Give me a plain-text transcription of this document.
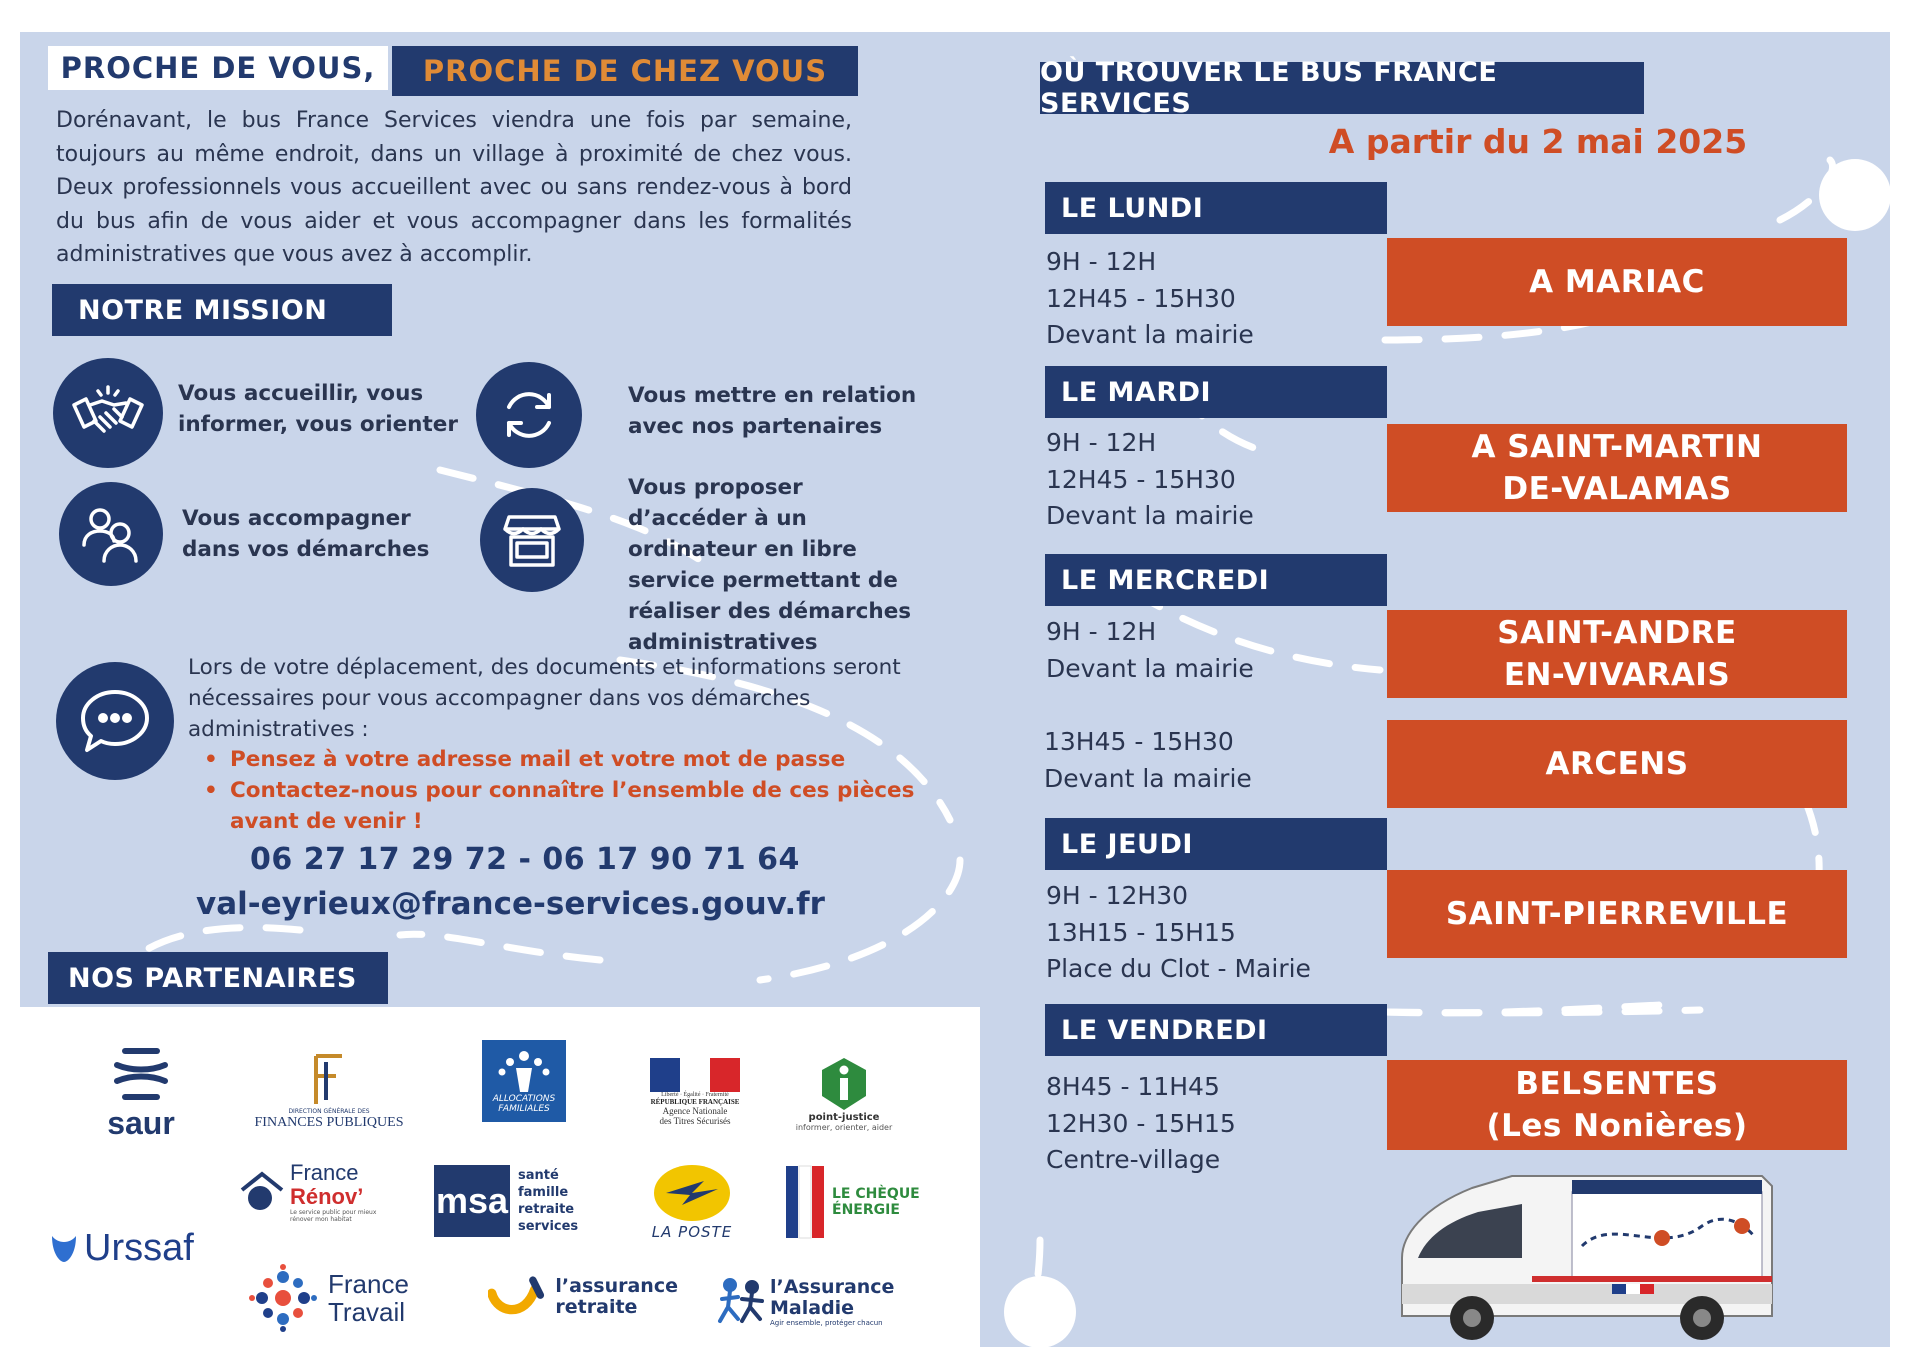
PROCHE DE VOUS,	PROCHE DE CHEZ VOUS
Dorénavant, le bus France Services viendra une fois par semaine, toujours au même endroit, dans un village à proximité de chez vous. Deux professionnels vous accueillent avec ou sans rendez-vous à bord du bus afin de vous aider et vous accompagner dans les formalités administratives que vous avez à accomplir.
NOTRE MISSION
Vous accueillir, vous informer, vous orienter
Vous mettre en relation avec nos partenaires
Vous accompagner dans vos démarches
Vous proposer d’accéder à un ordinateur en libre service permettant de réaliser des démarches administratives
Lors de votre déplacement, des documents et informations seront nécessaires pour vous accompagner dans vos démarches administratives :
• Pensez à votre adresse mail et votre mot de passe
• Contactez-nous pour connaître l’ensemble de ces pièces avant de venir !
06 27 17 29 72 - 06 17 90 71 64
val-eyrieux@france-services.gouv.fr
NOS PARTENAIRES
saur	DIRECTION GÉNÉRALE DES
FINANCES PUBLIQUES
ALLOCATIONS
FAMILIALES
Liberté · Égalité · Fraternité
RÉPUBLIQUE FRANÇAISE
Agence Nationale
des Titres Sécurisés	point-justice
informer, orienter, aider
France
Rénov’
Le service public pour mieux
rénover mon habitat msa
santé
famille
retraite
services	LA POSTE
LE CHÈQUE
ÉNERGIE
Urssaf
France
Travail
l’assurance
retraite
l’Assurance
Maladie
Agir ensemble, protéger chacun
OÙ TROUVER LE BUS FRANCE SERVICES
A partir du 2 mai 2025
LE LUNDI
9H - 12H
12H45 - 15H30
Devant la mairie
A MARIAC
LE MARDI
9H - 12H
12H45 - 15H30
Devant la mairie
A SAINT-MARTIN
DE-VALAMAS
LE MERCREDI
9H - 12H
Devant la mairie
SAINT-ANDRE
EN-VIVARAIS
13H45 - 15H30
Devant la mairie	ARCENS
LE JEUDI
9H - 12H30
13H15 - 15H15
Place du Clot - Mairie
SAINT-PIERREVILLE
LE VENDREDI
8H45 - 11H45
12H30 - 15H15
Centre-village
BELSENTES
(Les Nonières)
